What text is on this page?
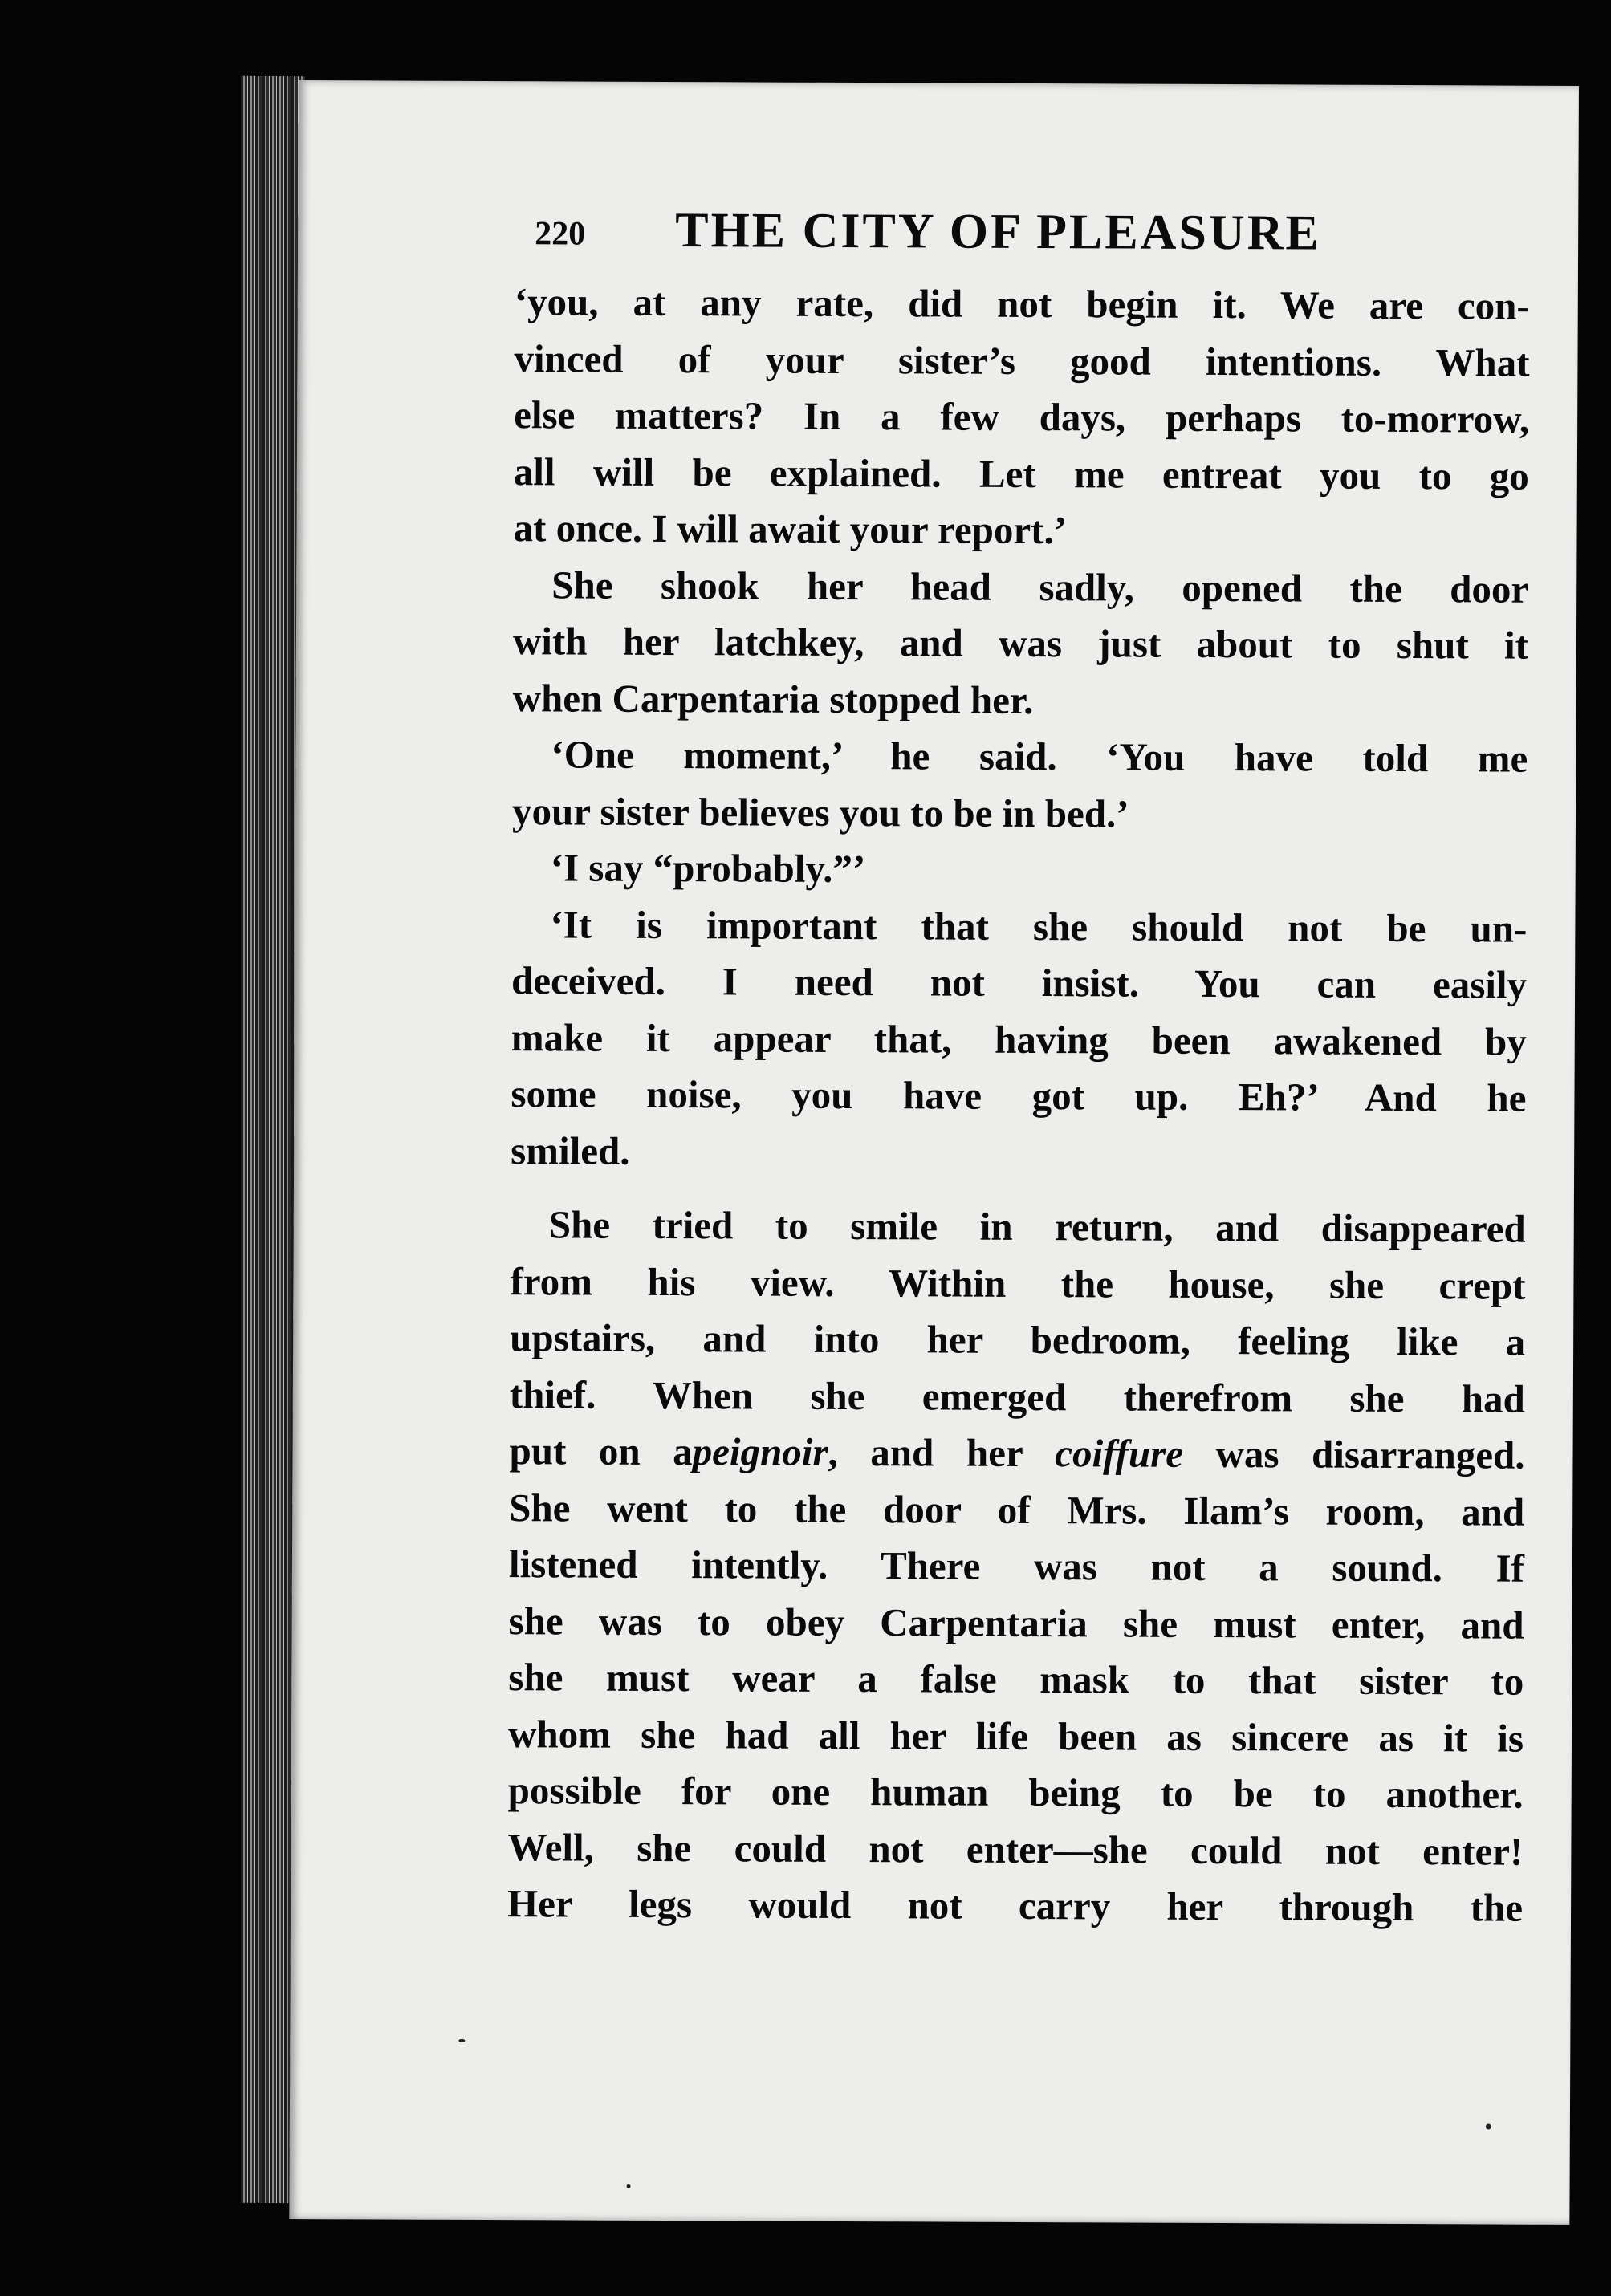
220 THE CITY OF PLEASURE
‘you, at any rate, did not begin it. We are con-
vinced of your sister’s good intentions. What
else matters? In a few days, perhaps to-morrow,
all will be explained. Let me entreat you to go
at once. I will await your report.’
She shook her head sadly, opened the door
with her latchkey, and was just about to shut it
when Carpentaria stopped her.
‘One moment,’ he said. ‘You have told me
your sister believes you to be in bed.’
‘I say “probably.”’
‘It is important that she should not be un-
deceived. I need not insist. You can easily
make it appear that, having been awakened by
some noise, you have got up. Eh?’ And he
smiled.
She tried to smile in return, and disappeared
from his view. Within the house, she crept
upstairs, and into her bedroom, feeling like a
thief. When she emerged therefrom she had
put on apeignoir, and her coiffure was disarranged.
She went to the door of Mrs. Ilam’s room, and
listened intently. There was not a sound. If
she was to obey Carpentaria she must enter, and
she must wear a false mask to that sister to
whom she had all her life been as sincere as it is
possible for one human being to be to another.
Well, she could not enter—she could not enter!
Her legs would not carry her through the
